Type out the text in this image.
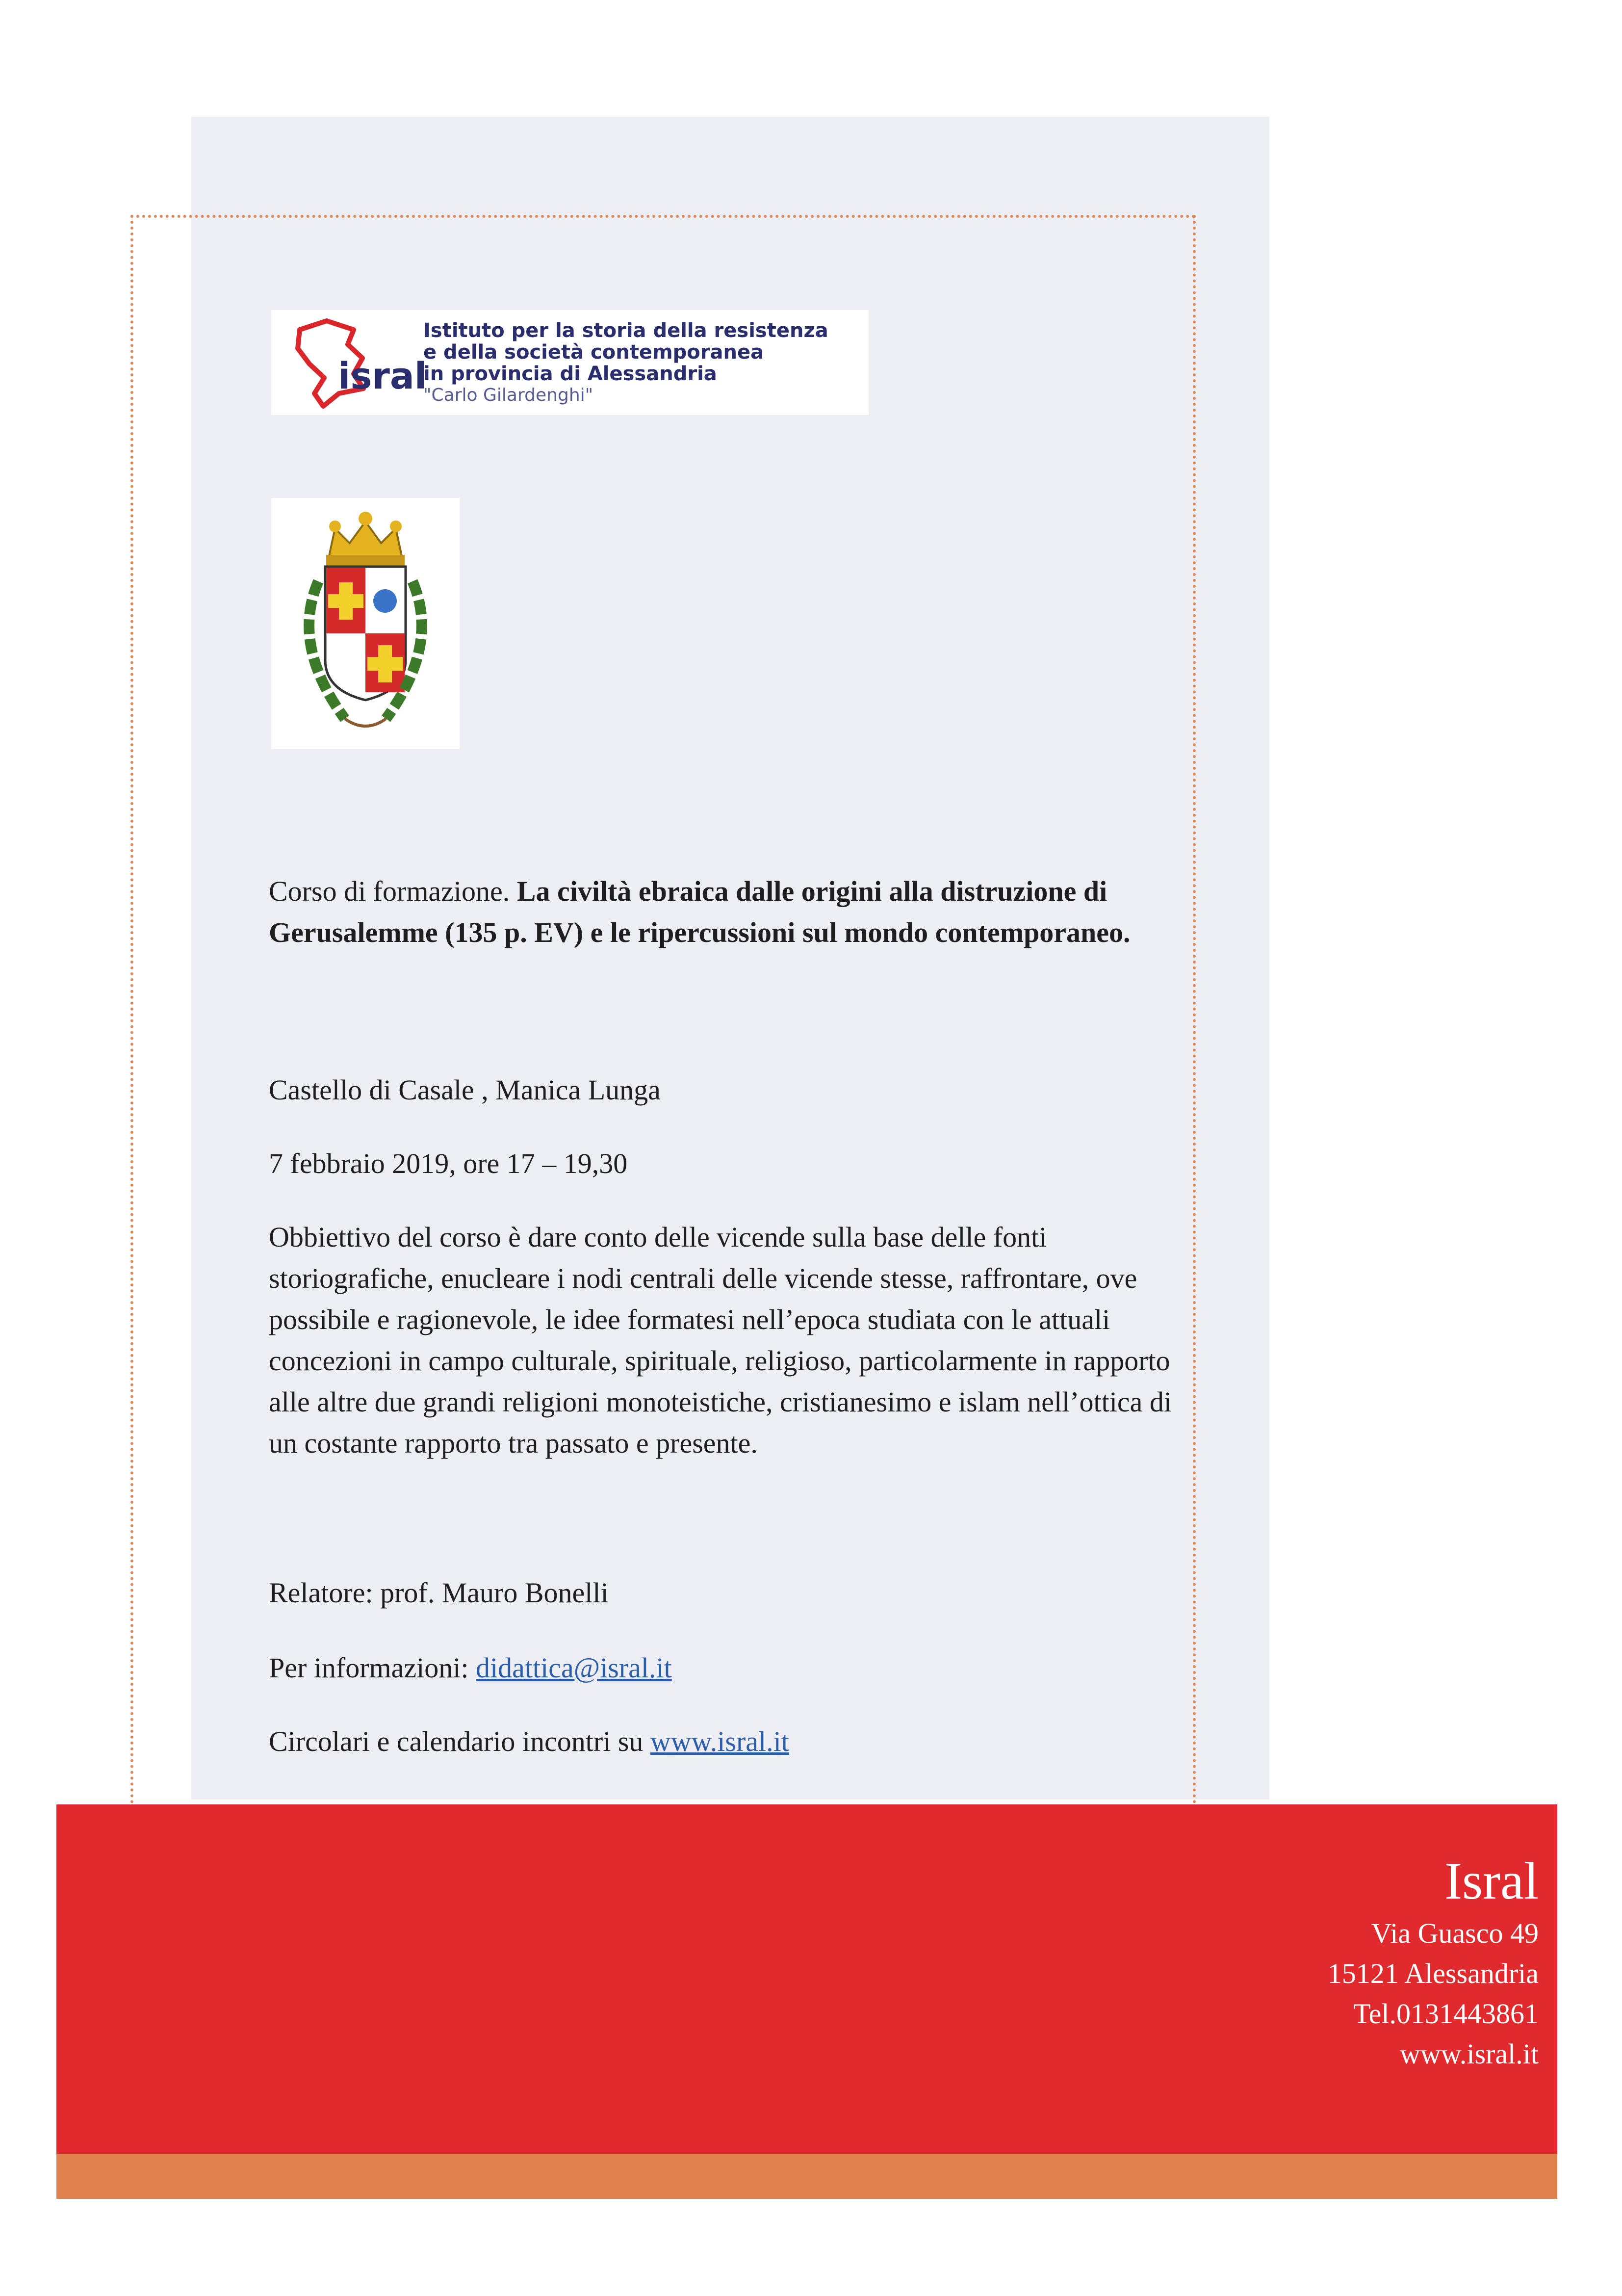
isral
Istituto per la storia della resistenza
e della società contemporanea
in provincia di Alessandria
"Carlo Gilardenghi"
Corso di formazione. La civiltà ebraica dalle origini alla distruzione di Gerusalemme (135 p. EV) e le ripercussioni sul mondo contemporaneo.
Castello di Casale , Manica Lunga
7 febbraio 2019, ore 17 – 19,30
Obbiettivo del corso è dare conto delle vicende sulla base delle fonti storiografiche, enucleare i nodi centrali delle vicende stesse, raffrontare, ove possibile e ragionevole, le idee formatesi nell’epoca studiata con le attuali concezioni in campo culturale, spirituale, religioso, particolarmente in rapporto alle altre due grandi religioni monoteistiche, cristianesimo e islam nell’ottica di un costante rapporto tra passato e presente.
Relatore: prof. Mauro Bonelli
Per informazioni: didattica@isral.it
Circolari e calendario incontri su www.isral.it
Isral
Via Guasco 49
15121 Alessandria
Tel.0131443861
www.isral.it
